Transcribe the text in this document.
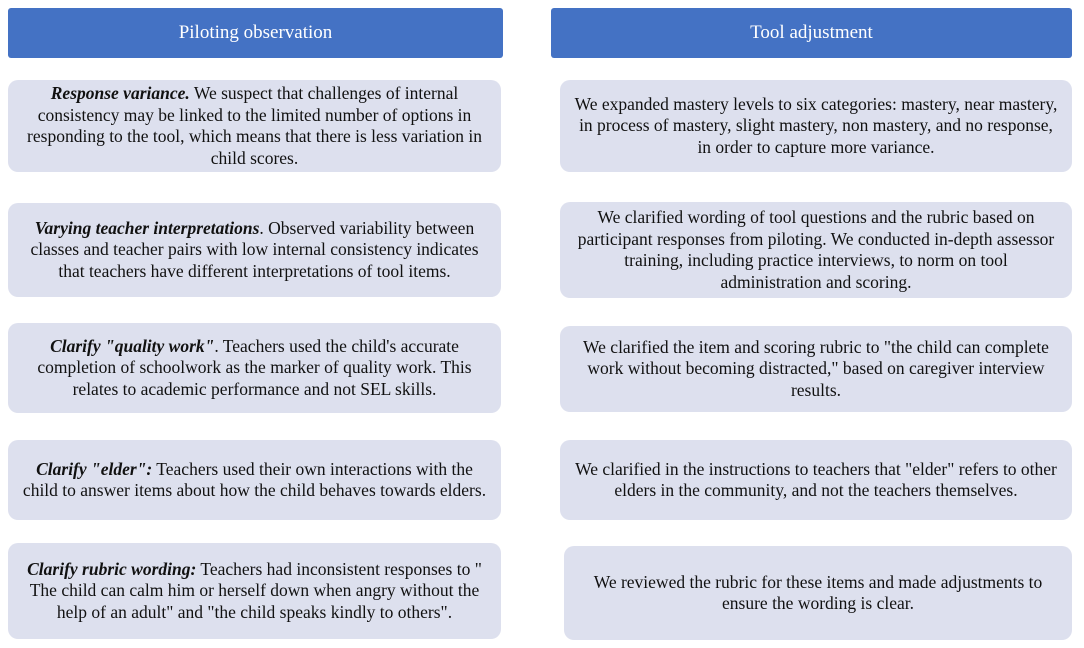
Piloting observation	Tool adjustment

Response variance. We suspect that challenges of internal consistency may be linked to the limited number of options in responding to the tool, which means that there is less variation in child scores.

We expanded mastery levels to six categories: mastery, near mastery, in process of mastery, slight mastery, non mastery, and no response, in order to capture more variance.

Varying teacher interpretations. Observed variability between classes and teacher pairs with low internal consistency indicates that teachers have different interpretations of tool items.

We clarified wording of tool questions and the rubric based on participant responses from piloting. We conducted in-depth assessor training, including practice interviews, to norm on tool administration and scoring.

Clarify "quality work". Teachers used the child's accurate completion of schoolwork as the marker of quality work. This relates to academic performance and not SEL skills.

We clarified the item and scoring rubric to "the child can complete work without becoming distracted," based on caregiver interview results.

Clarify "elder": Teachers used their own interactions with the child to answer items about how the child behaves towards elders.

We clarified in the instructions to teachers that "elder" refers to other elders in the community, and not the teachers themselves.

Clarify rubric wording: Teachers had inconsistent responses to " The child can calm him or herself down when angry without the help of an adult" and "the child speaks kindly to others".

We reviewed the rubric for these items and made adjustments to ensure the wording is clear.
